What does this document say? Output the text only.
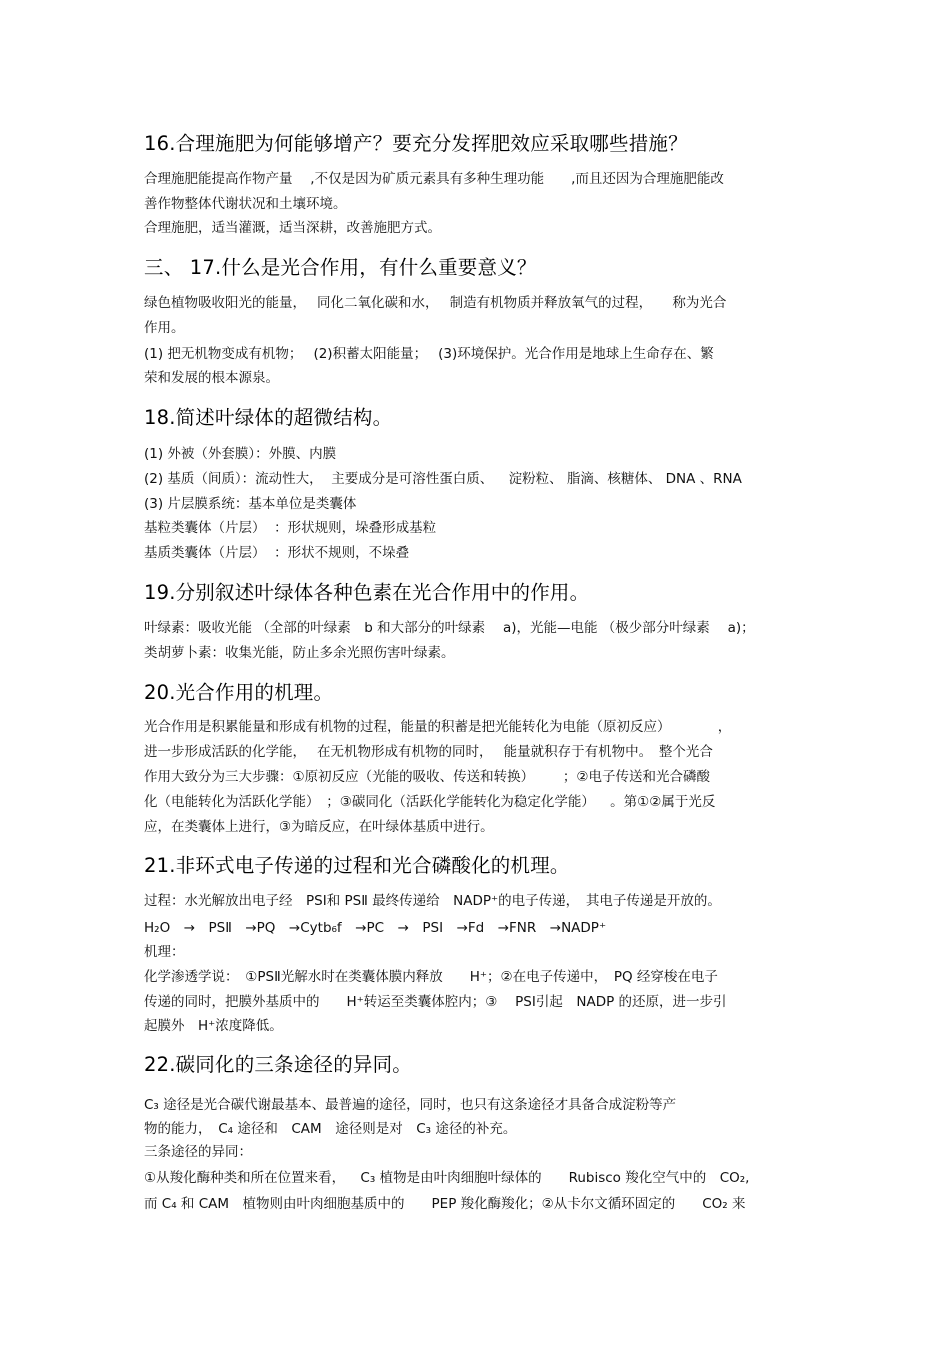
16.合理施肥为何能够增产？要充分发挥肥效应采取哪些措施？
合理施肥能提高作物产量　 ,不仅是因为矿质元素具有多种生理功能　　,而且还因为合理施肥能改
善作物整体代谢状况和土壤环境。
合理施肥，适当灌溉，适当深耕，改善施肥方式。
三、 17.什么是光合作用，有什么重要意义？
绿色植物吸收阳光的能量，　 同化二氧化碳和水，　 制造有机物质并释放氧气的过程，　　称为光合
作用。
(1) 把无机物变成有机物；　 (2)积蓄太阳能量；　 (3)环境保护。光合作用是地球上生命存在、繁
荣和发展的根本源泉。
18.简述叶绿体的超微结构。
(1) 外被（外套膜）：外膜、内膜
(2) 基质（间质）：流动性大，  主要成分是可溶性蛋白质、　  淀粉粒、 脂滴、核糖体、 DNA 、RNA
(3) 片层膜系统：基本单位是类囊体
基粒类囊体（片层）  ：形状规则，垛叠形成基粒
基质类囊体（片层）  ：形状不规则，不垛叠
19.分别叙述叶绿体各种色素在光合作用中的作用。
叶绿素：吸收光能 （全部的叶绿素　b 和大部分的叶绿素　 a)，光能—电能 （极少部分叶绿素　 a)；
类胡萝卜素：收集光能，防止多余光照伤害叶绿素。
20.光合作用的机理。
光合作用是积累能量和形成有机物的过程，能量的积蓄是把光能转化为电能（原初反应）　　　　，
进一步形成活跃的化学能，　 在无机物形成有机物的同时，　 能量就积存于有机物中。　整个光合
作用大致分为三大步骤：①原初反应（光能的吸收、传送和转换）　　  ；②电子传送和光合磷酸
化（电能转化为活跃化学能）　；③碳同化（活跃化学能转化为稳定化学能）　  。第①②属于光反
应，在类囊体上进行，③为暗反应，在叶绿体基质中进行。
21.非环式电子传递的过程和光合磷酸化的机理。
过程：水光解放出电子经　PSⅠ和 PSⅡ 最终传递给　NADP⁺的电子传递，　其电子传递是开放的。
H₂O　→　PSⅡ　→PQ　→Cytb₆f　→PC　→　PSⅠ　→Fd　→FNR　→NADP⁺
机理：
化学渗透学说：　①PSⅡ光解水时在类囊体膜内释放　　H⁺；②在电子传递中，　PQ 经穿梭在电子
传递的同时，把膜外基质中的　　H⁺转运至类囊体腔内；③　 PSⅠ引起　NADP 的还原，进一步引
起膜外　H⁺浓度降低。
22.碳同化的三条途径的异同。
C₃ 途径是光合碳代谢最基本、最普遍的途径，同时，也只有这条途径才具备合成淀粉等产
物的能力，　C₄ 途径和　CAM　途径则是对　C₃ 途径的补充。
三条途径的异同：
①从羧化酶种类和所在位置来看，　  C₃ 植物是由叶肉细胞叶绿体的　　Rubisco 羧化空气中的　CO₂,
而 C₄ 和 CAM　植物则由叶肉细胞基质中的　　PEP 羧化酶羧化；②从卡尔文循环固定的　　CO₂ 来
